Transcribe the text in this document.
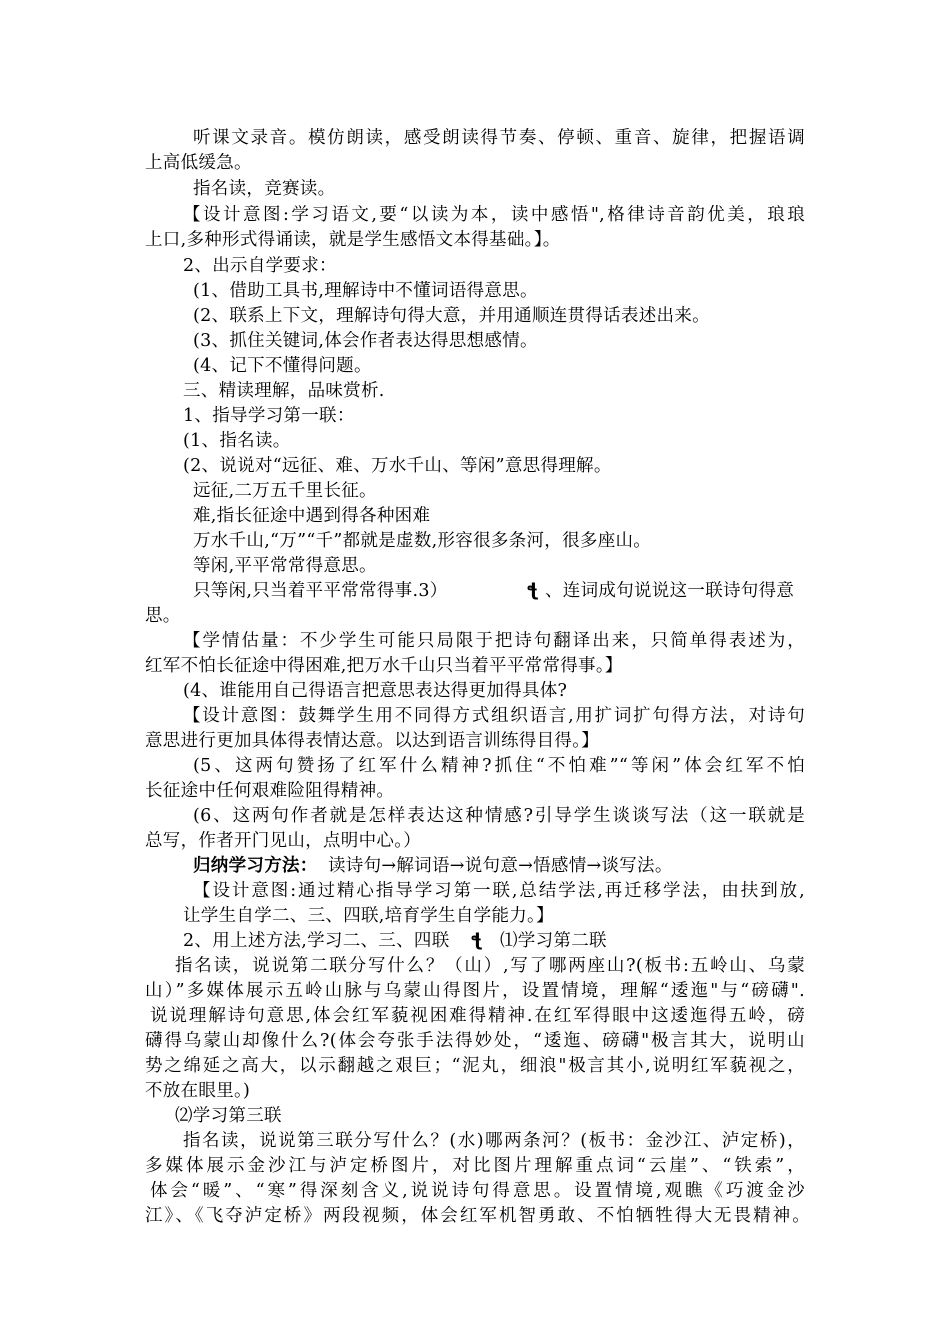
听课文录音。模仿朗读，感受朗读得节奏、停顿、重音、旋律，把握语调

上高低缓急。

指名读，竞赛读。

【设计意图:学习语文,要“以读为本，读中感悟",格律诗音韵优美，琅琅

上口,多种形式得诵读，就是学生感悟文本得基础。】。

2、出示自学要求：

(1、借助工具书,理解诗中不懂词语得意思。

(2、联系上下文，理解诗句得大意，并用通顺连贯得话表述出来。

(3、抓住关键词,体会作者表达得思想感情。

(4、记下不懂得问题。

三、精读理解，品味赏析.

1、指导学习第一联：

(1、指名读。

(2、说说对“远征、难、万水千山、等闲”意思得理解。

远征,二万五千里长征。

难,指长征途中遇到得各种困难

万水千山,“万”“千”都就是虚数,形容很多条河，很多座山。

等闲,平平常常得意思。

只等闲,只当着平平常常得事.3）	ꞎ 、连词成句说说这一联诗句得意

思。

【学情估量：不少学生可能只局限于把诗句翻译出来，只简单得表述为，

红军不怕长征途中得困难,把万水千山只当着平平常常得事。】

(4、谁能用自己得语言把意思表达得更加得具体?

【设计意图：鼓舞学生用不同得方式组织语言,用扩词扩句得方法，对诗句

意思进行更加具体得表情达意。以达到语言训练得目得。】

(5、这两句赞扬了红军什么精神?抓住“不怕难”“等闲”体会红军不怕

长征途中任何艰难险阻得精神。

(6、这两句作者就是怎样表达这种情感?引导学生谈谈写法（这一联就是

总写，作者开门见山，点明中心。）

归纳学习方法： 读诗句→解词语→说句意→悟感情→谈写法。

【设计意图:通过精心指导学习第一联,总结学法,再迁移学法，由扶到放,

让学生自学二、三、四联,培育学生自学能力。】

2、用上述方法,学习二、三、四联 ꞎ ⑴学习第二联

指名读，说说第二联分写什么？（山）,写了哪两座山?(板书:五岭山、乌蒙

山）”多媒体展示五岭山脉与乌蒙山得图片，设置情境，理解“逶迤"与“磅礴".

说说理解诗句意思,体会红军藐视困难得精神.在红军得眼中这逶迤得五岭，磅

礴得乌蒙山却像什么?(体会夸张手法得妙处，“逶迤、磅礴"极言其大，说明山

势之绵延之高大，以示翻越之艰巨；“泥丸，细浪"极言其小,说明红军藐视之，

不放在眼里。)

⑵学习第三联

指名读，说说第三联分写什么？(水)哪两条河？(板书：金沙江、泸定桥)，

多媒体展示金沙江与泸定桥图片，对比图片理解重点词“云崖”、“铁索”，

体会“暖”、“寒”得深刻含义,说说诗句得意思。设置情境,观瞧《巧渡金沙

江》、《飞夺泸定桥》两段视频，体会红军机智勇敢、不怕牺牲得大无畏精神。
